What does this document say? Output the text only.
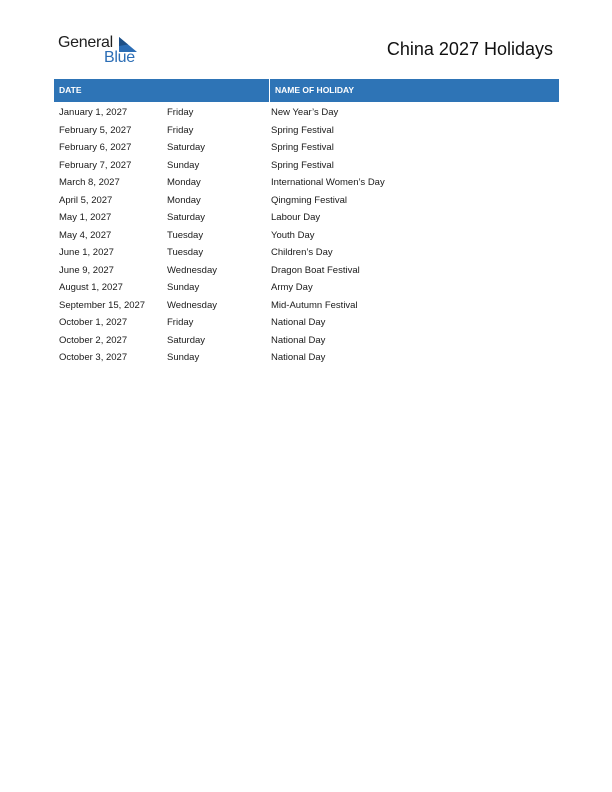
General
Blue	China 2027 Holidays
DATE	NAME OF HOLIDAY
January 1, 2027	Friday	New Year’s Day
February 5, 2027	Friday	Spring Festival
February 6, 2027	Saturday	Spring Festival
February 7, 2027	Sunday	Spring Festival
March 8, 2027	Monday	International Women’s Day
April 5, 2027	Monday	Qingming Festival
May 1, 2027	Saturday	Labour Day
May 4, 2027	Tuesday	Youth Day
June 1, 2027	Tuesday	Children’s Day
June 9, 2027	Wednesday	Dragon Boat Festival
August 1, 2027	Sunday	Army Day
September 15, 2027	Wednesday	Mid-Autumn Festival
October 1, 2027	Friday	National Day
October 2, 2027	Saturday	National Day
October 3, 2027	Sunday	National Day
